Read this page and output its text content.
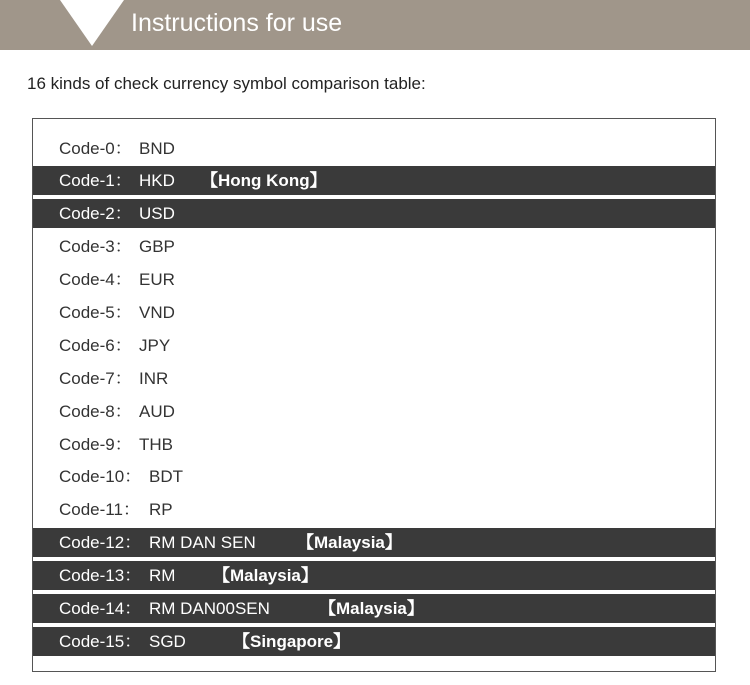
Instructions for use
16 kinds of check currency symbol comparison table:
Code-0： BND
Code-1： HKD 【Hong Kong】
Code-2： USD
Code-3： GBP
Code-4： EUR
Code-5： VND
Code-6： JPY
Code-7： INR
Code-8： AUD
Code-9： THB
Code-10： BDT
Code-11： RP
Code-12： RM DAN SEN 【Malaysia】
Code-13： RM 【Malaysia】
Code-14： RM DAN00SEN	【Malaysia】
Code-15： SGD	【Singapore】
